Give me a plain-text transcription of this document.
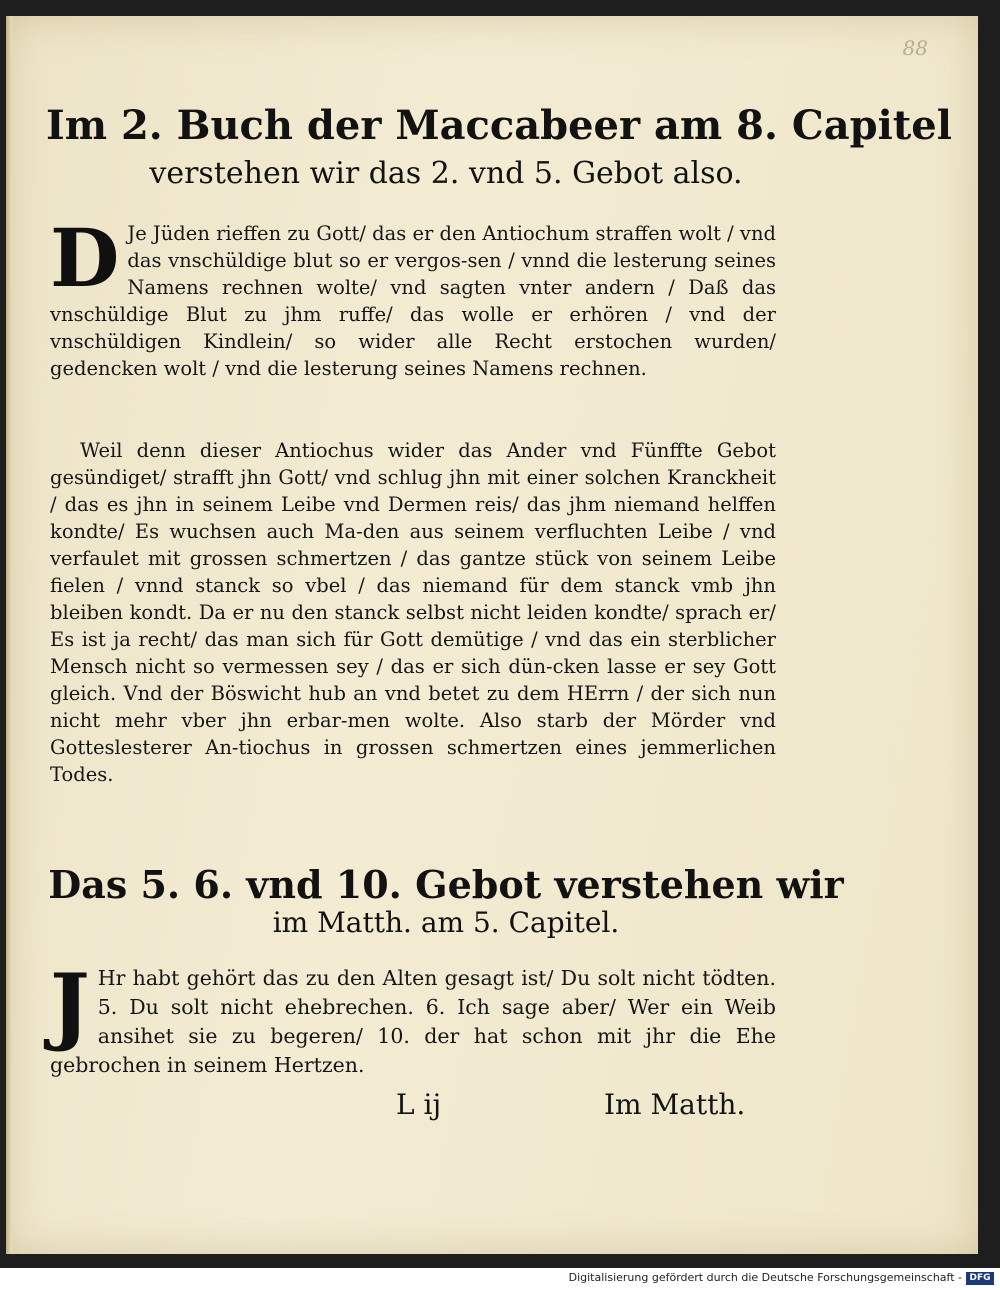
88
Im 2. Buch der Maccabeer am 8. Capitel
verstehen wir das 2. vnd 5. Gebot also.

D Je Jüden rieffen zu Gott/ das er den Antiochum straffen wolt / vnd das vnschüldige blut so er vergos-sen / vnnd die lesterung seines Namens rechnen wolte/ vnd sagten vnter andern / Daß das vnschüldige Blut zu jhm ruffe/ das wolle er erhören / vnd der vnschüldigen Kindlein/ so wider alle Recht erstochen wurden/ gedencken wolt / vnd die lesterung seines Namens rechnen.

Weil denn dieser Antiochus wider das Ander vnd Fünffte Gebot gesündiget/ strafft jhn Gott/ vnd schlug jhn mit einer solchen Kranckheit / das es jhn in seinem Leibe vnd Dermen reis/ das jhm niemand helffen kondte/ Es wuchsen auch Ma-den aus seinem verfluchten Leibe / vnd verfaulet mit grossen schmertzen / das gantze stück von seinem Leibe fielen / vnnd stanck so vbel / das niemand für dem stanck vmb jhn bleiben kondt. Da er nu den stanck selbst nicht leiden kondte/ sprach er/ Es ist ja recht/ das man sich für Gott demütige / vnd das ein sterblicher Mensch nicht so vermessen sey / das er sich dün-cken lasse er sey Gott gleich. Vnd der Böswicht hub an vnd betet zu dem HErrn / der sich nun nicht mehr vber jhn erbar-men wolte. Also starb der Mörder vnd Gotteslesterer An-tiochus in grossen schmertzen eines jemmerlichen Todes.

Das 5. 6. vnd 10. Gebot verstehen wir
im Matth. am 5. Capitel.

J Hr habt gehört das zu den Alten gesagt ist/ Du solt nicht tödten. 5. Du solt nicht ehebrechen. 6. Ich sage aber/ Wer ein Weib ansihet sie zu begeren/ 10. der hat schon mit jhr die Ehe gebrochen in seinem Hertzen.

L ij	Im Matth.
Digitalisierung gefördert durch die Deutsche Forschungsgemeinschaft - DFG
